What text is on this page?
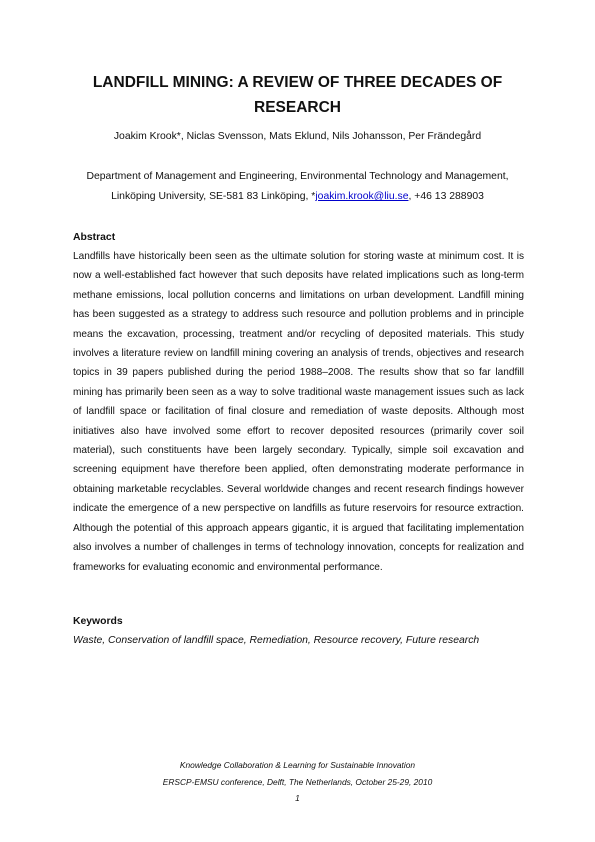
LANDFILL MINING: A REVIEW OF THREE DECADES OF
RESEARCH
Joakim Krook*, Niclas Svensson, Mats Eklund, Nils Johansson, Per Frändegård
Department of Management and Engineering, Environmental Technology and Management,
Linköping University, SE-581 83 Linköping, *joakim.krook@liu.se, +46 13 288903
Abstract
Landfills have historically been seen as the ultimate solution for storing waste at minimum cost. It is now a well-established fact however that such deposits have related implications such as long-term methane emissions, local pollution concerns and limitations on urban development. Landfill mining has been suggested as a strategy to address such resource and pollution problems and in principle means the excavation, processing, treatment and/or recycling of deposited materials. This study involves a literature review on landfill mining covering an analysis of trends, objectives and research topics in 39 papers published during the period 1988–2008. The results show that so far landfill mining has primarily been seen as a way to solve traditional waste management issues such as lack of landfill space or facilitation of final closure and remediation of waste deposits. Although most initiatives also have involved some effort to recover deposited resources (primarily cover soil material), such constituents have been largely secondary. Typically, simple soil excavation and screening equipment have therefore been applied, often demonstrating moderate performance in obtaining marketable recyclables. Several worldwide changes and recent research findings however indicate the emergence of a new perspective on landfills as future reservoirs for resource extraction. Although the potential of this approach appears gigantic, it is argued that facilitating implementation also involves a number of challenges in terms of technology innovation, concepts for realization and frameworks for evaluating economic and environmental performance.
Keywords
Waste, Conservation of landfill space, Remediation, Resource recovery, Future research
Knowledge Collaboration & Learning for Sustainable Innovation
ERSCP-EMSU conference, Delft, The Netherlands, October 25-29, 2010
1
